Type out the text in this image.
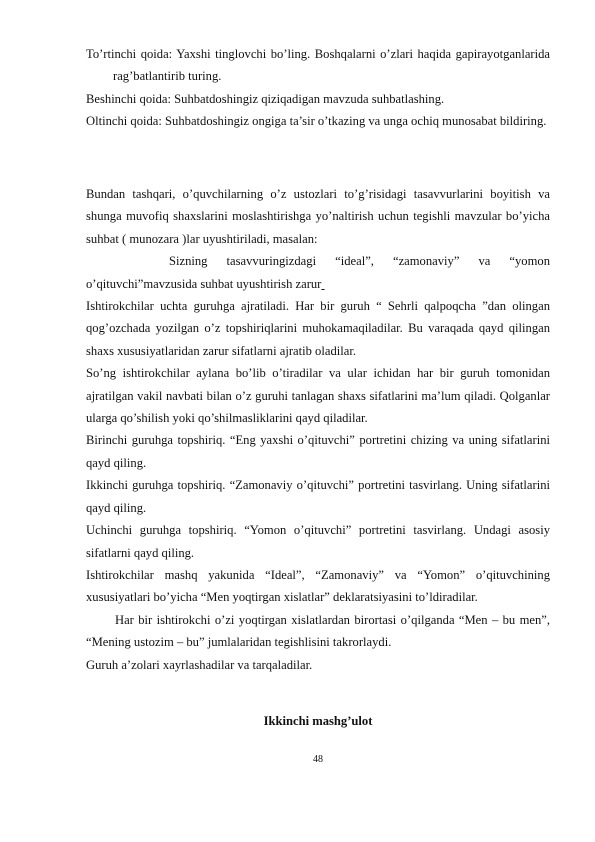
To’rtinchi qoida: Yaxshi tinglovchi bo’ling. Boshqalarni o’zlari haqida gapirayotganlarida rag’batlantirib turing.

Beshinchi qoida: Suhbatdoshingiz qiziqadigan mavzuda suhbatlashing.

Oltinchi qoida: Suhbatdoshingiz ongiga ta’sir o’tkazing va unga ochiq munosabat bildiring.

Bundan tashqari, o’quvchilarning o’z ustozlari to’g’risidagi tasavvurlarini boyitish va shunga muvofiq shaxslarini moslashtirishga yo’naltirish uchun tegishli mavzular bo’yicha suhbat ( munozara )lar uyushtiriladi, masalan:

Sizning tasavvuringizdagi “ideal”, “zamonaviy” va “yomon o’qituvchi”mavzusida suhbat uyushtirish zarur

Ishtirokchilar uchta guruhga ajratiladi. Har bir guruh “ Sehrli qalpoqcha ”dan olingan qog’ozchada yozilgan o’z topshiriqlarini muhokamaqiladilar. Bu varaqada qayd qilingan shaxs xususiyatlaridan zarur sifatlarni ajratib oladilar.

So’ng ishtirokchilar aylana bo’lib o’tiradilar va ular ichidan har bir guruh tomonidan ajratilgan vakil navbati bilan o’z guruhi tanlagan shaxs sifatlarini ma’lum qiladi. Qolganlar ularga qo’shilish yoki qo’shilmasliklarini qayd qiladilar.

Birinchi guruhga topshiriq. “Eng yaxshi o’qituvchi” portretini chizing va uning sifatlarini qayd qiling.

Ikkinchi guruhga topshiriq. “Zamonaviy o’qituvchi” portretini tasvirlang. Uning sifatlarini qayd qiling.

Uchinchi guruhga topshiriq. “Yomon o’qituvchi” portretini tasvirlang. Undagi asosiy sifatlarni qayd qiling.

Ishtirokchilar mashq yakunida “Ideal”, “Zamonaviy” va “Yomon” o’qituvchining xususiyatlari bo’yicha “Men yoqtirgan xislatlar” deklaratsiyasini to’ldiradilar.

Har bir ishtirokchi o’zi yoqtirgan xislatlardan birortasi o’qilganda “Men – bu men”, “Mening ustozim – bu” jumlalaridan tegishlisini takrorlaydi.

Guruh a’zolari xayrlashadilar va tarqaladilar.

Ikkinchi mashg’ulot
48
